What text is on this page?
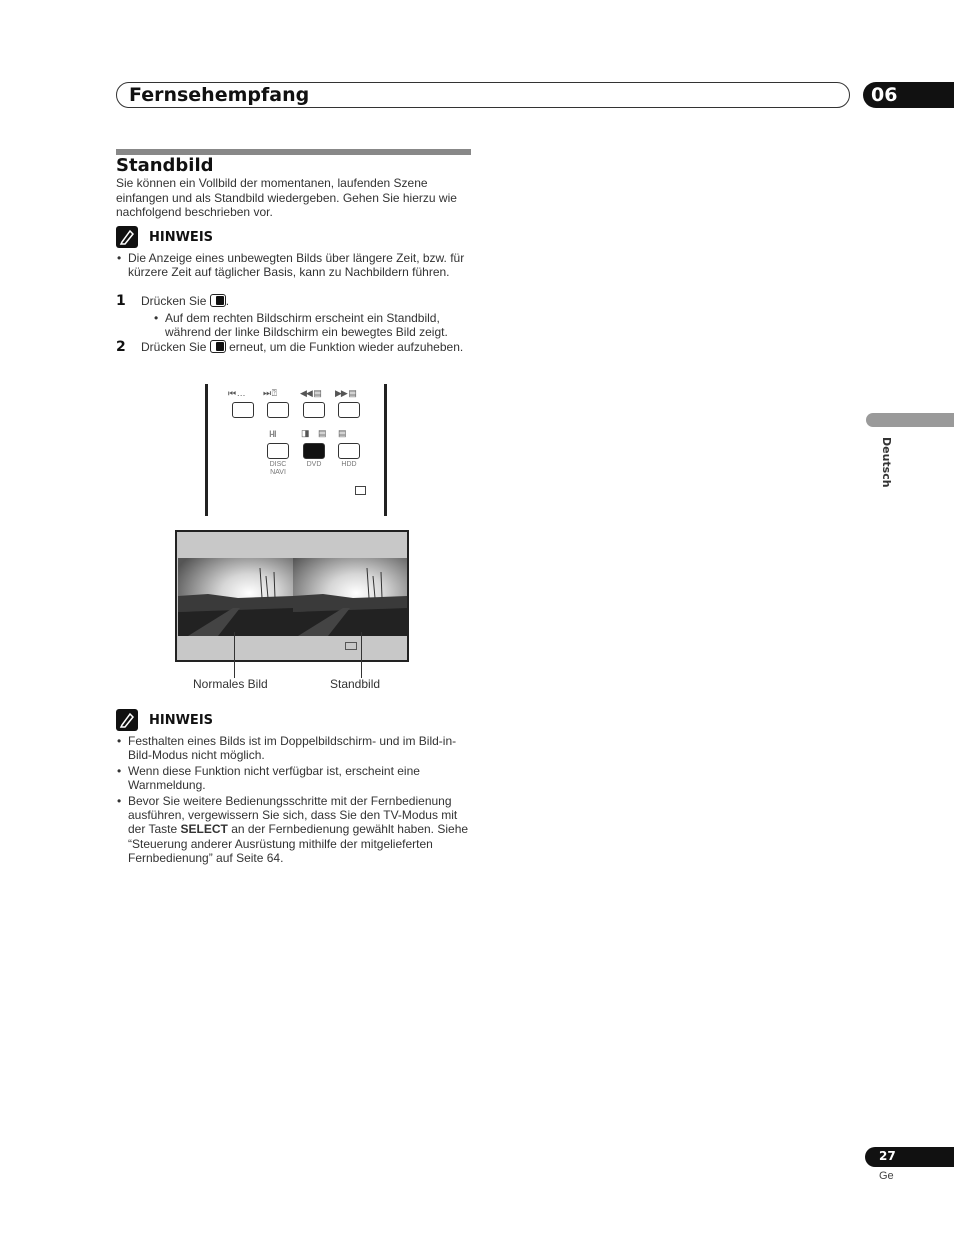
Fernsehempfang	06
Standbild
Sie können ein Vollbild der momentanen, laufenden Szene einfangen und als Standbild wiedergeben. Gehen Sie hierzu wie nachfolgend beschrieben vor.
HINWEIS
• Die Anzeige eines unbewegten Bilds über längere Zeit, bzw. für kürzere Zeit auf täglicher Basis, kann zu Nachbildern führen.
1 Drücken Sie .
• Auf dem rechten Bildschirm erscheint ein Standbild, während der linke Bildschirm ein bewegtes Bild zeigt.
2 Drücken Sie erneut, um die Funktion wieder aufzuheben.
⏮ … ⏭ ⍰	◀◀ ▤ ▶▶ ▤
I-II	◨ ▤ ▤
DISC NAVI
DVD	HDD
Normales Bild	Standbild
HINWEIS
• Festhalten eines Bilds ist im Doppelbildschirm- und im Bild-in-Bild-Modus nicht möglich.
• Wenn diese Funktion nicht verfügbar ist, erscheint eine Warnmeldung.
• Bevor Sie weitere Bedienungsschritte mit der Fernbedienung ausführen, vergewissern Sie sich, dass Sie den TV-Modus mit der Taste SELECT an der Fernbedienung gewählt haben. Siehe “Steuerung anderer Ausrüstung mithilfe der mitgelieferten Fernbedienung” auf Seite 64.
Deutsch
27
Ge
